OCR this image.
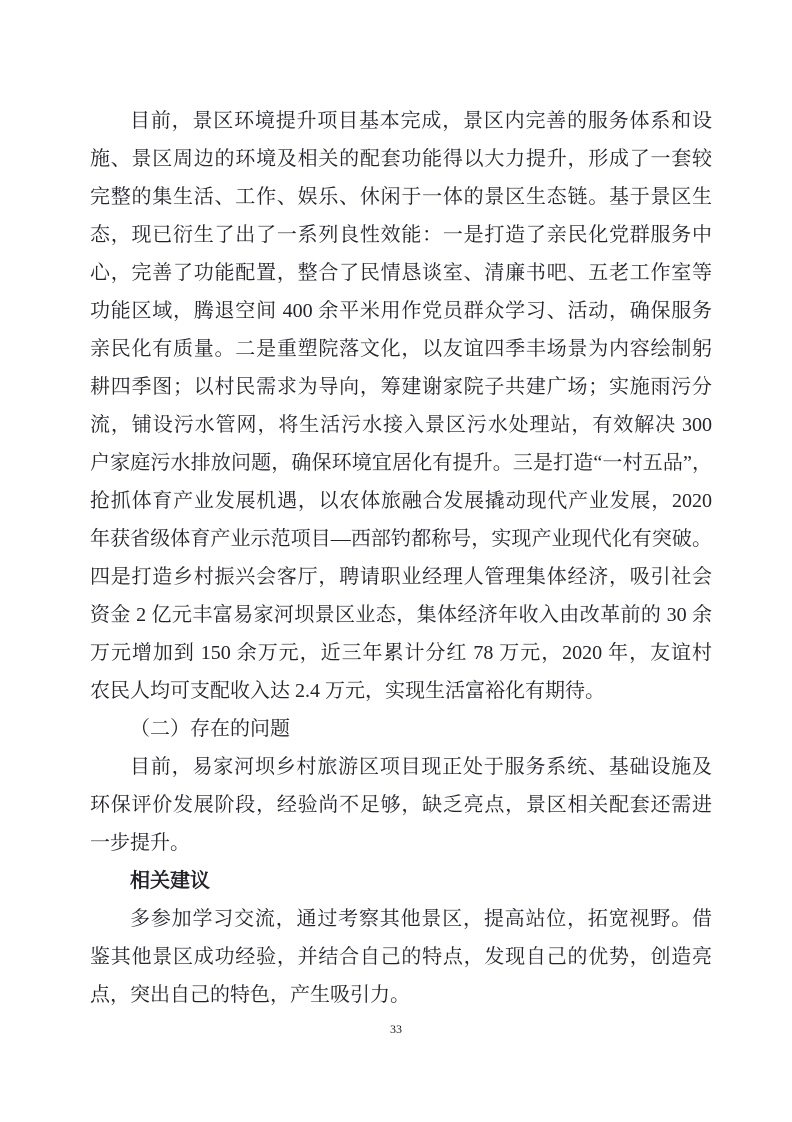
目前，景区环境提升项目基本完成，景区内完善的服务体系和设
施、景区周边的环境及相关的配套功能得以大力提升，形成了一套较
完整的集生活、工作、娱乐、休闲于一体的景区生态链。基于景区生
态，现已衍生了出了一系列良性效能：一是打造了亲民化党群服务中
心，完善了功能配置，整合了民情恳谈室、清廉书吧、五老工作室等
功能区域，腾退空间 400 余平米用作党员群众学习、活动，确保服务
亲民化有质量。二是重塑院落文化，以友谊四季丰场景为内容绘制躬
耕四季图；以村民需求为导向，筹建谢家院子共建广场；实施雨污分
流，铺设污水管网，将生活污水接入景区污水处理站，有效解决 300
户家庭污水排放问题，确保环境宜居化有提升。三是打造“一村五品”，
抢抓体育产业发展机遇，以农体旅融合发展撬动现代产业发展，2020
年获省级体育产业示范项目—西部钓都称号，实现产业现代化有突破。
四是打造乡村振兴会客厅，聘请职业经理人管理集体经济，吸引社会
资金 2 亿元丰富易家河坝景区业态，集体经济年收入由改革前的 30 余
万元增加到 150 余万元，近三年累计分红 78 万元，2020 年，友谊村
农民人均可支配收入达 2.4 万元，实现生活富裕化有期待。
（二）存在的问题
目前，易家河坝乡村旅游区项目现正处于服务系统、基础设施及
环保评价发展阶段，经验尚不足够，缺乏亮点，景区相关配套还需进
一步提升。
相关建议
多参加学习交流，通过考察其他景区，提高站位，拓宽视野。借
鉴其他景区成功经验，并结合自己的特点，发现自己的优势，创造亮
点，突出自己的特色，产生吸引力。
33
